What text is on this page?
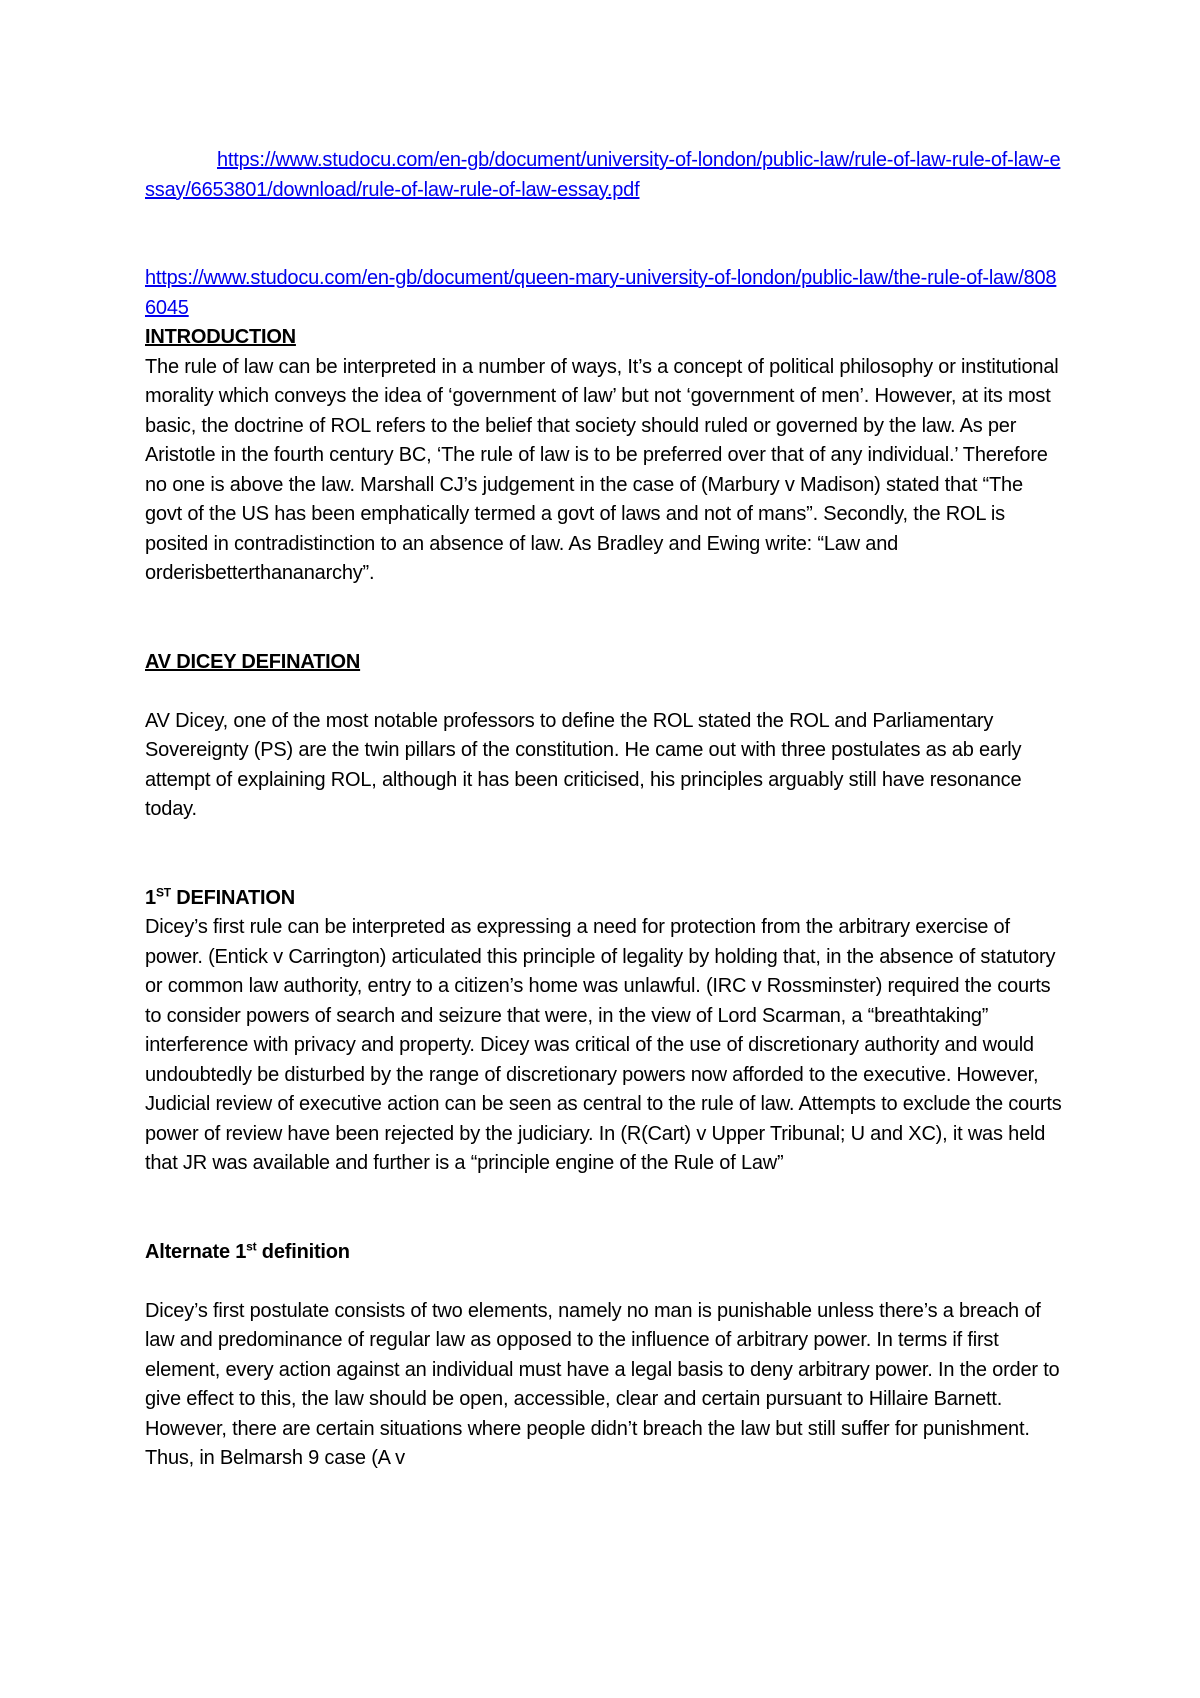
https://www.studocu.com/en-gb/document/university-of-london/public-law/rule-of-law-rule-of-law-essay/6653801/download/rule-of-law-rule-of-law-essay.pdf
https://www.studocu.com/en-gb/document/queen-mary-university-of-london/public-law/the-rule-of-law/8086045

INTRODUCTION

The rule of law can be interpreted in a number of ways, It’s a concept of political philosophy or institutional morality which conveys the idea of ‘government of law’ but not ‘government of men’. However, at its most basic, the doctrine of ROL refers to the belief that society should ruled or governed by the law. As per Aristotle in the fourth century BC, ‘The rule of law is to be preferred over that of any individual.’ Therefore no one is above the law. Marshall CJ’s judgement in the case of (Marbury v Madison) stated that “The govt of the US has been emphatically termed a govt of laws and not of mans”. Secondly, the ROL is posited in contradistinction to an absence of law. As Bradley and Ewing write: “Law and orderisbetterthananarchy”.

AV DICEY DEFINATION

AV Dicey, one of the most notable professors to define the ROL stated the ROL and Parliamentary Sovereignty (PS) are the twin pillars of the constitution. He came out with three postulates as ab early attempt of explaining ROL, although it has been criticised, his principles arguably still have resonance today.

1ST DEFINATION

Dicey’s first rule can be interpreted as expressing a need for protection from the arbitrary exercise of power. (Entick v Carrington) articulated this principle of legality by holding that, in the absence of statutory or common law authority, entry to a citizen’s home was unlawful. (IRC v Rossminster) required the courts to consider powers of search and seizure that were, in the view of Lord Scarman, a “breathtaking” interference with privacy and property. Dicey was critical of the use of discretionary authority and would undoubtedly be disturbed by the range of discretionary powers now afforded to the executive. However, Judicial review of executive action can be seen as central to the rule of law. Attempts to exclude the courts power of review have been rejected by the judiciary. In (R(Cart) v Upper Tribunal; U and XC), it was held that JR was available and further is a “principle engine of the Rule of Law”

Alternate 1st definition

Dicey’s first postulate consists of two elements, namely no man is punishable unless there’s a breach of law and predominance of regular law as opposed to the influence of arbitrary power. In terms if first element, every action against an individual must have a legal basis to deny arbitrary power. In the order to give effect to this, the law should be open, accessible, clear and certain pursuant to Hillaire Barnett. However, there are certain situations where people didn’t breach the law but still suffer for punishment. Thus, in Belmarsh 9 case (A v
